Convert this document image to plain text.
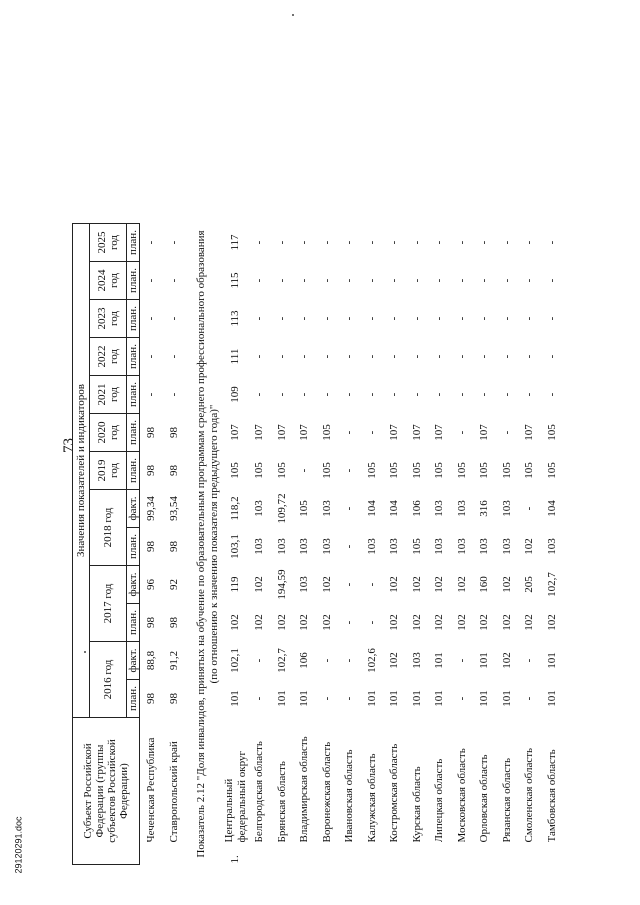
73
29120291.doc
Субъект Российской Федерации (группы субъектов Российской Федерации)		Значения показателей и индикаторов												
		2016 год		2017 год		2018 год		2019 год	2020 год	2021 год	2022 год	2023 год	2024 год	2025 год
		план.	факт.	план.	факт.	план.	факт.	план.	план.	план.	план.	план.	план.	план.
	Чеченская Республика	98	88,8	98	96	98	99,34	98	98	-	-	-	-	-
	Ставропольский край	98	91,2	98	92	98	93,54	98	98	-	-	-	-	-

Показатель 2.12 "Доля инвалидов, принятых на обучение по образовательным программам среднего профессионального образования (по отношению к значению показателя предыдущего года)"														

1.	Центральный федеральный округ	101	102,1	102	119	103,1	118,2	105	107	109	111	113	115	117
	Белгородская область	-	-	102	102	103	103	105	107	-	-	-	-	-
	Брянская область	101	102,7	102	194,59	103	109,72	105	107	-	-	-	-	-
	Владимирская область	101	106	102	103	103	105	-	107	-	-	-	-	-
	Воронежская область	-	-	102	102	103	103	105	105	-	-	-	-	-
	Ивановская область	-	-	-	-	-	-	-	-	-	-	-	-	-
	Калужская область	101	102,6	-	-	103	104	105	-	-	-	-	-	-
	Костромская область	101	102	102	102	103	104	105	107	-	-	-	-	-
	Курская область	101	103	102	102	105	106	105	107	-	-	-	-	-
	Липецкая область	101	101	102	102	103	103	105	107	-	-	-	-	-
	Московская область	-	-	102	102	103	103	105	-	-	-	-	-	-
	Орловская область	101	101	102	160	103	316	105	107	-	-	-	-	-
	Рязанская область	101	102	102	102	103	103	105	-	-	-	-	-	-
	Смоленская область	-	-	102	205	102	-	105	107	-	-	-	-	-
	Тамбовская область	101	101	102	102,7	103	104	105	105	-	-	-	-	-
